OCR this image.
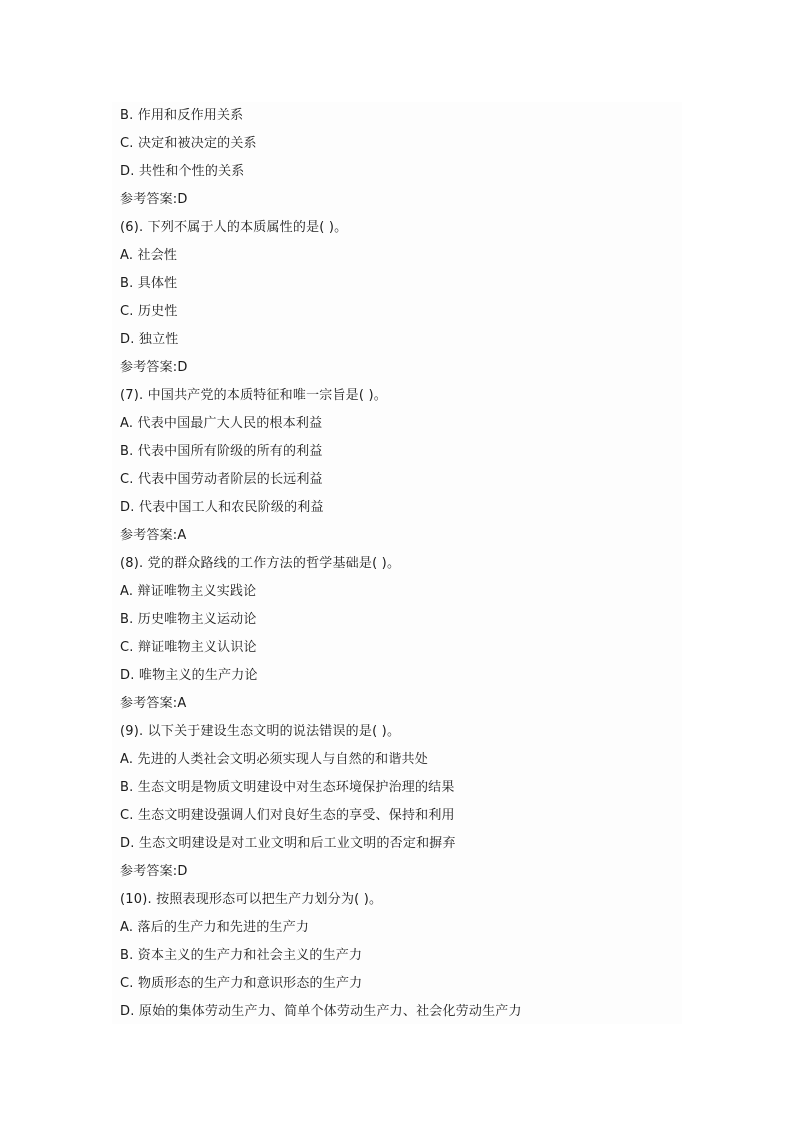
B. 作用和反作用关系
C. 决定和被决定的关系
D. 共性和个性的关系
参考答案:D
(6). 下列不属于人的本质属性的是( )。
A. 社会性
B. 具体性
C. 历史性
D. 独立性
参考答案:D
(7). 中国共产党的本质特征和唯一宗旨是( )。
A. 代表中国最广大人民的根本利益
B. 代表中国所有阶级的所有的利益
C. 代表中国劳动者阶层的长远利益
D. 代表中国工人和农民阶级的利益
参考答案:A
(8). 党的群众路线的工作方法的哲学基础是( )。
A. 辩证唯物主义实践论
B. 历史唯物主义运动论
C. 辩证唯物主义认识论
D. 唯物主义的生产力论
参考答案:A
(9). 以下关于建设生态文明的说法错误的是( )。
A. 先进的人类社会文明必须实现人与自然的和谐共处
B. 生态文明是物质文明建设中对生态环境保护治理的结果
C. 生态文明建设强调人们对良好生态的享受、保持和利用
D. 生态文明建设是对工业文明和后工业文明的否定和摒弃
参考答案:D
(10). 按照表现形态可以把生产力划分为( )。
A. 落后的生产力和先进的生产力
B. 资本主义的生产力和社会主义的生产力
C. 物质形态的生产力和意识形态的生产力
D. 原始的集体劳动生产力、简单个体劳动生产力、社会化劳动生产力
